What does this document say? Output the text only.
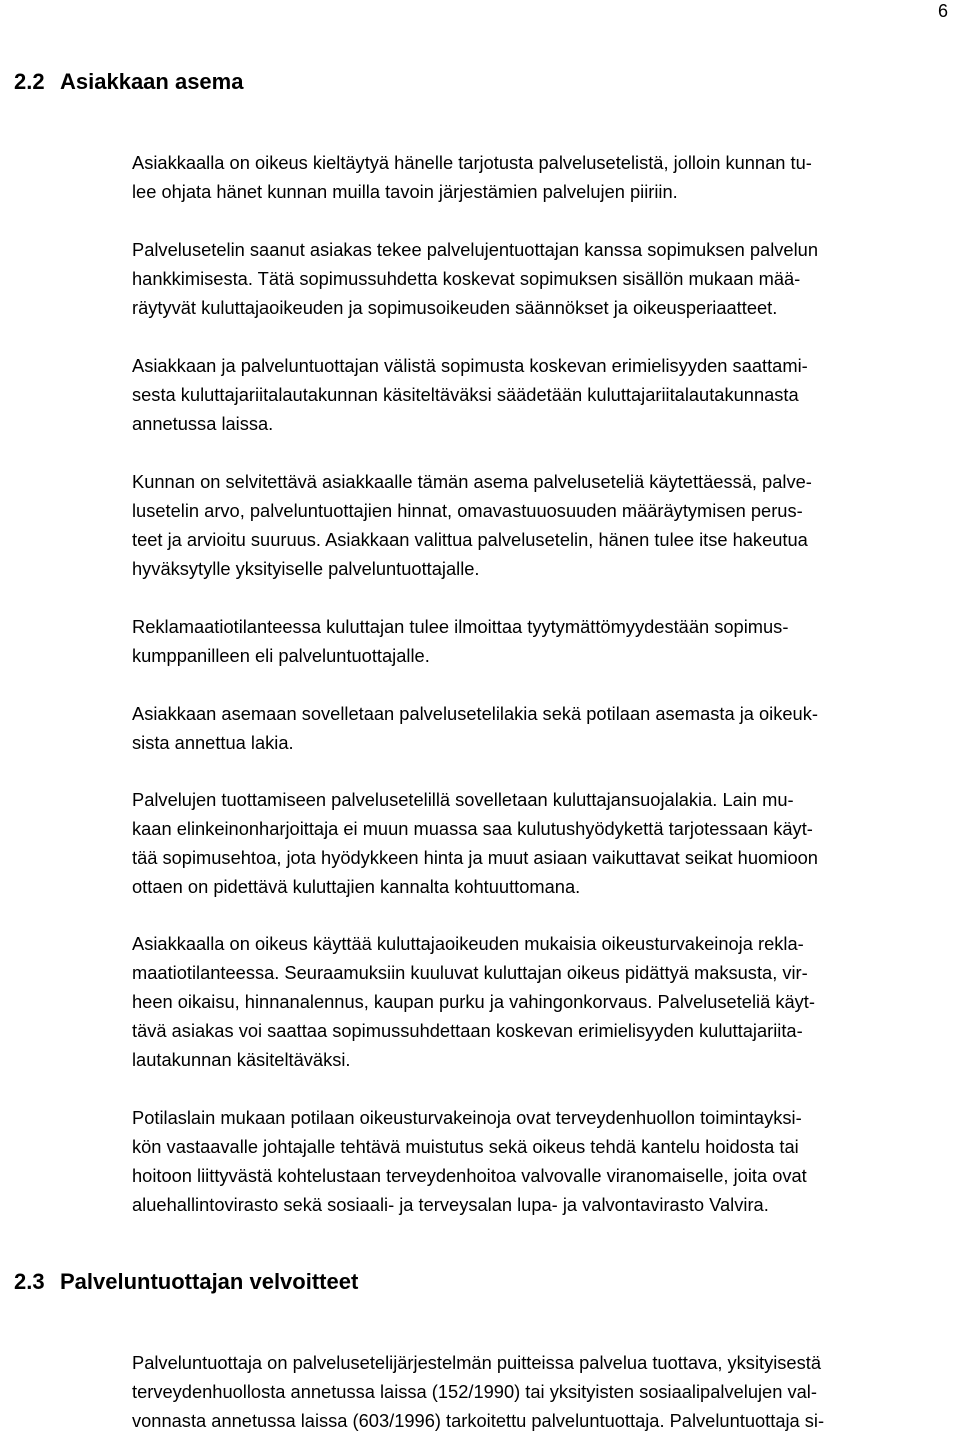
6
2.2 Asiakkaan asema
Asiakkaalla on oikeus kieltäytyä hänelle tarjotusta palvelusetelistä, jolloin kunnan tu-
lee ohjata hänet kunnan muilla tavoin järjestämien palvelujen piiriin.
Palvelusetelin saanut asiakas tekee palvelujentuottajan kanssa sopimuksen palvelun
hankkimisesta. Tätä sopimussuhdetta koskevat sopimuksen sisällön mukaan mää-
räytyvät kuluttajaoikeuden ja sopimusoikeuden säännökset ja oikeusperiaatteet.
Asiakkaan ja palveluntuottajan välistä sopimusta koskevan erimielisyyden saattami-
sesta kuluttajariitalautakunnan käsiteltäväksi säädetään kuluttajariitalautakunnasta
annetussa laissa.
Kunnan on selvitettävä asiakkaalle tämän asema palveluseteliä käytettäessä, palve-
lusetelin arvo, palveluntuottajien hinnat, omavastuuosuuden määräytymisen perus-
teet ja arvioitu suuruus. Asiakkaan valittua palvelusetelin, hänen tulee itse hakeutua
hyväksytylle yksityiselle palveluntuottajalle.
Reklamaatiotilanteessa kuluttajan tulee ilmoittaa tyytymättömyydestään sopimus-
kumppanilleen eli palveluntuottajalle.
Asiakkaan asemaan sovelletaan palvelusetelilakia sekä potilaan asemasta ja oikeuk-
sista annettua lakia.
Palvelujen tuottamiseen palvelusetelillä sovelletaan kuluttajansuojalakia. Lain mu-
kaan elinkeinonharjoittaja ei muun muassa saa kulutushyödykettä tarjotessaan käyt-
tää sopimusehtoa, jota hyödykkeen hinta ja muut asiaan vaikuttavat seikat huomioon
ottaen on pidettävä kuluttajien kannalta kohtuuttomana.
Asiakkaalla on oikeus käyttää kuluttajaoikeuden mukaisia oikeusturvakeinoja rekla-
maatiotilanteessa. Seuraamuksiin kuuluvat kuluttajan oikeus pidättyä maksusta, vir-
heen oikaisu, hinnanalennus, kaupan purku ja vahingonkorvaus. Palveluseteliä käyt-
tävä asiakas voi saattaa sopimussuhdettaan koskevan erimielisyyden kuluttajariita-
lautakunnan käsiteltäväksi.
Potilaslain mukaan potilaan oikeusturvakeinoja ovat terveydenhuollon toimintayksi-
kön vastaavalle johtajalle tehtävä muistutus sekä oikeus tehdä kantelu hoidosta tai
hoitoon liittyvästä kohtelustaan terveydenhoitoa valvovalle viranomaiselle, joita ovat
aluehallintovirasto sekä sosiaali- ja terveysalan lupa- ja valvontavirasto Valvira.
2.3 Palveluntuottajan velvoitteet
Palveluntuottaja on palvelusetelijärjestelmän puitteissa palvelua tuottava, yksityisestä
terveydenhuollosta annetussa laissa (152/1990) tai yksityisten sosiaalipalvelujen val-
vonnasta annetussa laissa (603/1996) tarkoitettu palveluntuottaja. Palveluntuottaja si-
